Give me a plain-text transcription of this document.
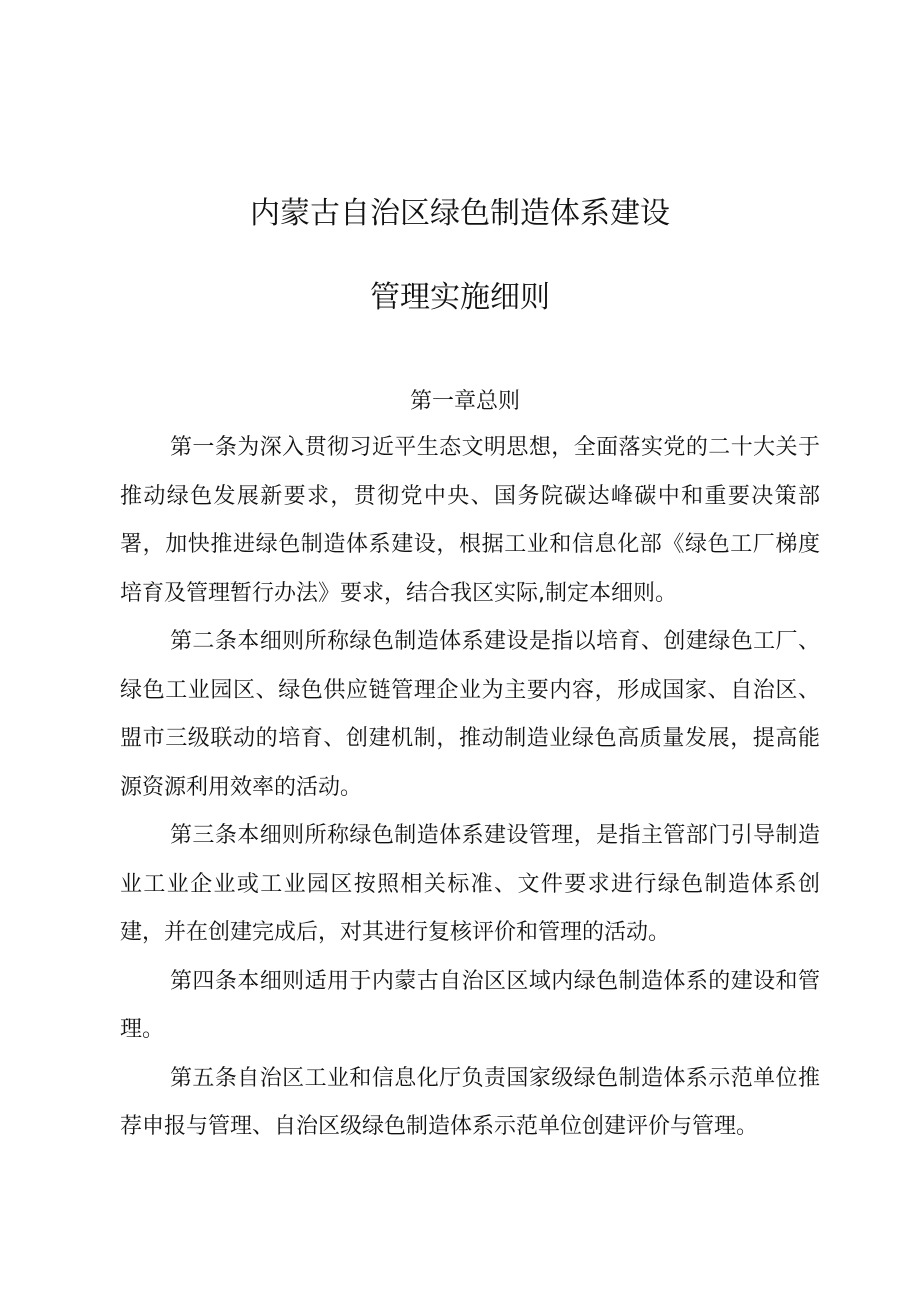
内蒙古自治区绿色制造体系建设
管理实施细则
第一章总则

第一条为深入贯彻习近平生态文明思想，全面落实党的二十大关于推动绿色发展新要求，贯彻党中央、国务院碳达峰碳中和重要决策部署，加快推进绿色制造体系建设，根据工业和信息化部《绿色工厂梯度培育及管理暂行办法》要求，结合我区实际,制定本细则。

第二条本细则所称绿色制造体系建设是指以培育、创建绿色工厂、绿色工业园区、绿色供应链管理企业为主要内容，形成国家、自治区、盟市三级联动的培育、创建机制，推动制造业绿色高质量发展，提高能源资源利用效率的活动。

第三条本细则所称绿色制造体系建设管理，是指主管部门引导制造业工业企业或工业园区按照相关标准、文件要求进行绿色制造体系创建，并在创建完成后，对其进行复核评价和管理的活动。

第四条本细则适用于内蒙古自治区区域内绿色制造体系的建设和管理。

第五条自治区工业和信息化厅负责国家级绿色制造体系示范单位推荐申报与管理、自治区级绿色制造体系示范单位创建评价与管理。
